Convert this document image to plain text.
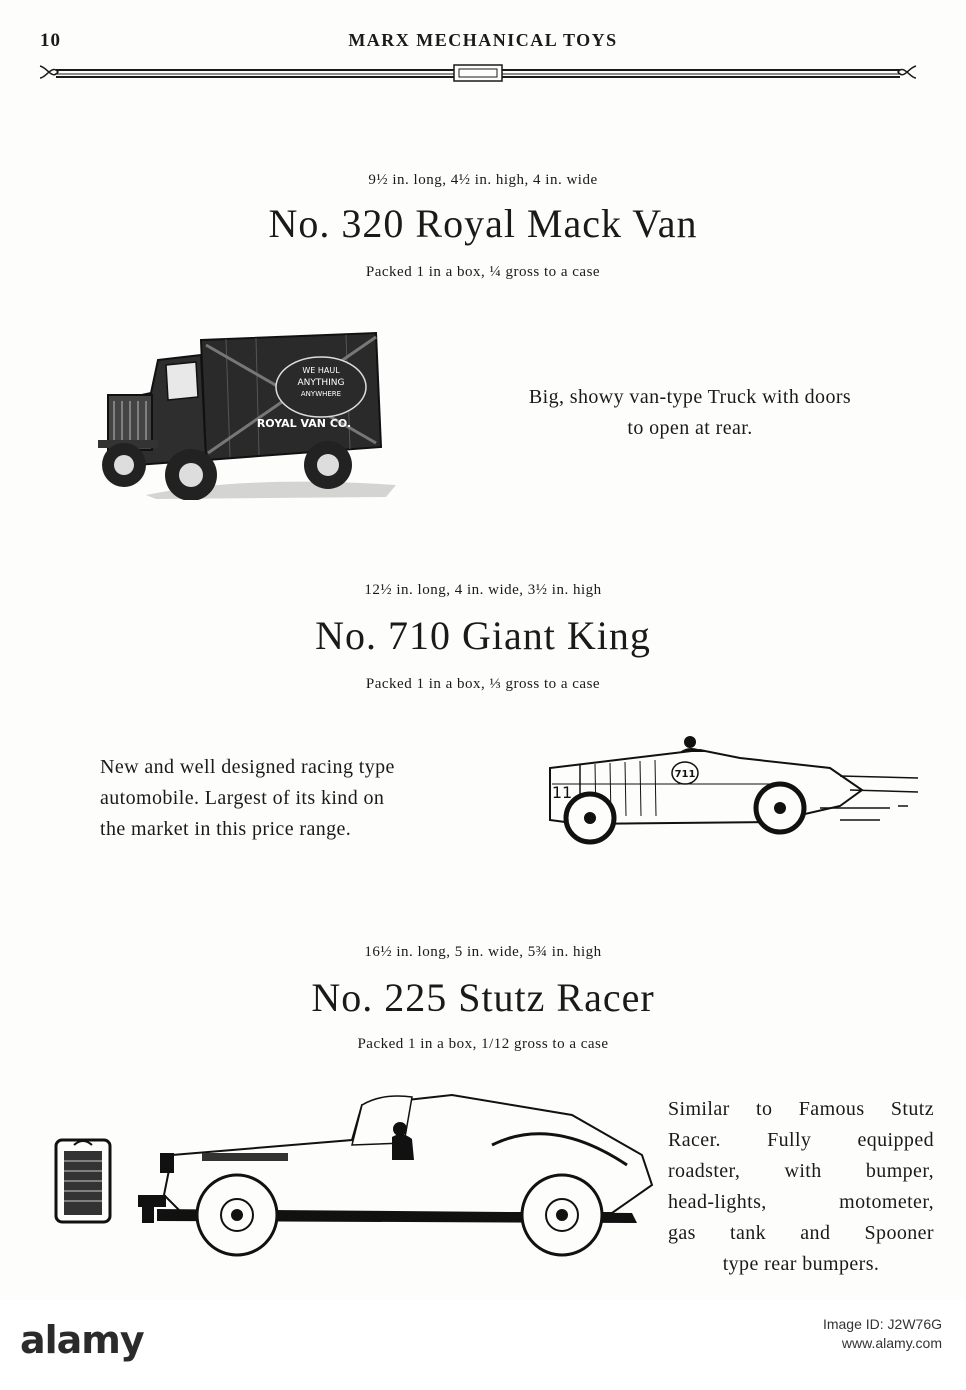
10	MARX MECHANICAL TOYS
9½ in. long, 4½ in. high, 4 in. wide
No. 320 Royal Mack Van
Packed 1 in a box, ¼ gross to a case
WE HAUL
ANYTHING
ANYWHERE
ROYAL VAN CO.
Big, showy van-type Truck with doors
to open at rear.
12½ in. long, 4 in. wide, 3½ in. high
No. 710 Giant King
Packed 1 in a box, ⅓ gross to a case
New and well designed racing type
automobile. Largest of its kind on
the market in this price range.
711
11
16½ in. long, 5 in. wide, 5¾ in. high
No. 225 Stutz Racer
Packed 1 in a box, 1/12 gross to a case
Similar to Famous Stutz
Racer. Fully equipped
roadster, with bumper,
head-lights, motometer,
gas tank and Spooner
type rear bumpers.
alamy	Image ID: J2W76G
www.alamy.com
